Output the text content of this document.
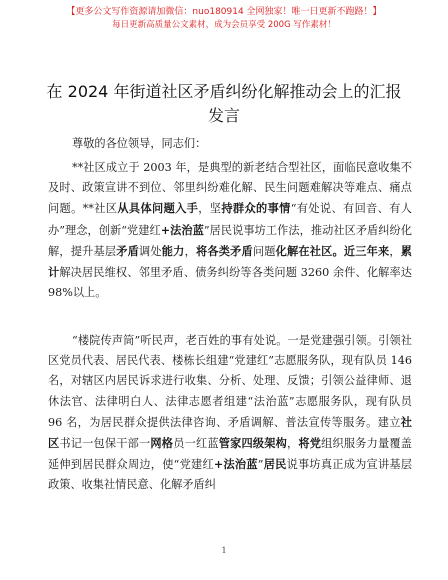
【更多公文写作资源请加微信：nuo180914 全网独家！唯一日更新不跑路！】
每日更新高质量公文素材，成为会员享受 200G 写作素材！
在 2024 年街道社区矛盾纠纷化解推动会上的汇报发言
尊敬的各位领导，同志们：
**社区成立于 2003 年，是典型的新老结合型社区，面临民意收集不及时、政策宣讲不到位、邻里纠纷难化解、民生问题难解决等难点、痛点问题。**社区从具体问题入手，坚持群众的事情“有处说、有回音、有人办”理念，创新“党建红+法治蓝”居民说事坊工作法，推动社区矛盾纠纷化解，提升基层矛盾调处能力，将各类矛盾问题化解在社区。近三年来，累计解决居民维权、邻里矛盾、债务纠纷等各类问题 3260 余件、化解率达 98%以上。
“楼院传声筒”听民声，老百姓的事有处说。一是党建强引领。引领社区党员代表、居民代表、楼栋长组建“党建红”志愿服务队，现有队员 146 名，对辖区内居民诉求进行收集、分析、处理、反馈；引领公益律师、退休法官、法律明白人、法律志愿者组建“法治蓝”志愿服务队，现有队员 96 名，为居民群众提供法律咨询、矛盾调解、普法宣传等服务。建立社区书记一包保干部一网格员一红蓝管家四级架构，将党组织服务力量覆盖延伸到居民群众周边，使“党建红+法治蓝”居民说事坊真正成为宣讲基层政策、收集社情民意、化解矛盾纠
1
